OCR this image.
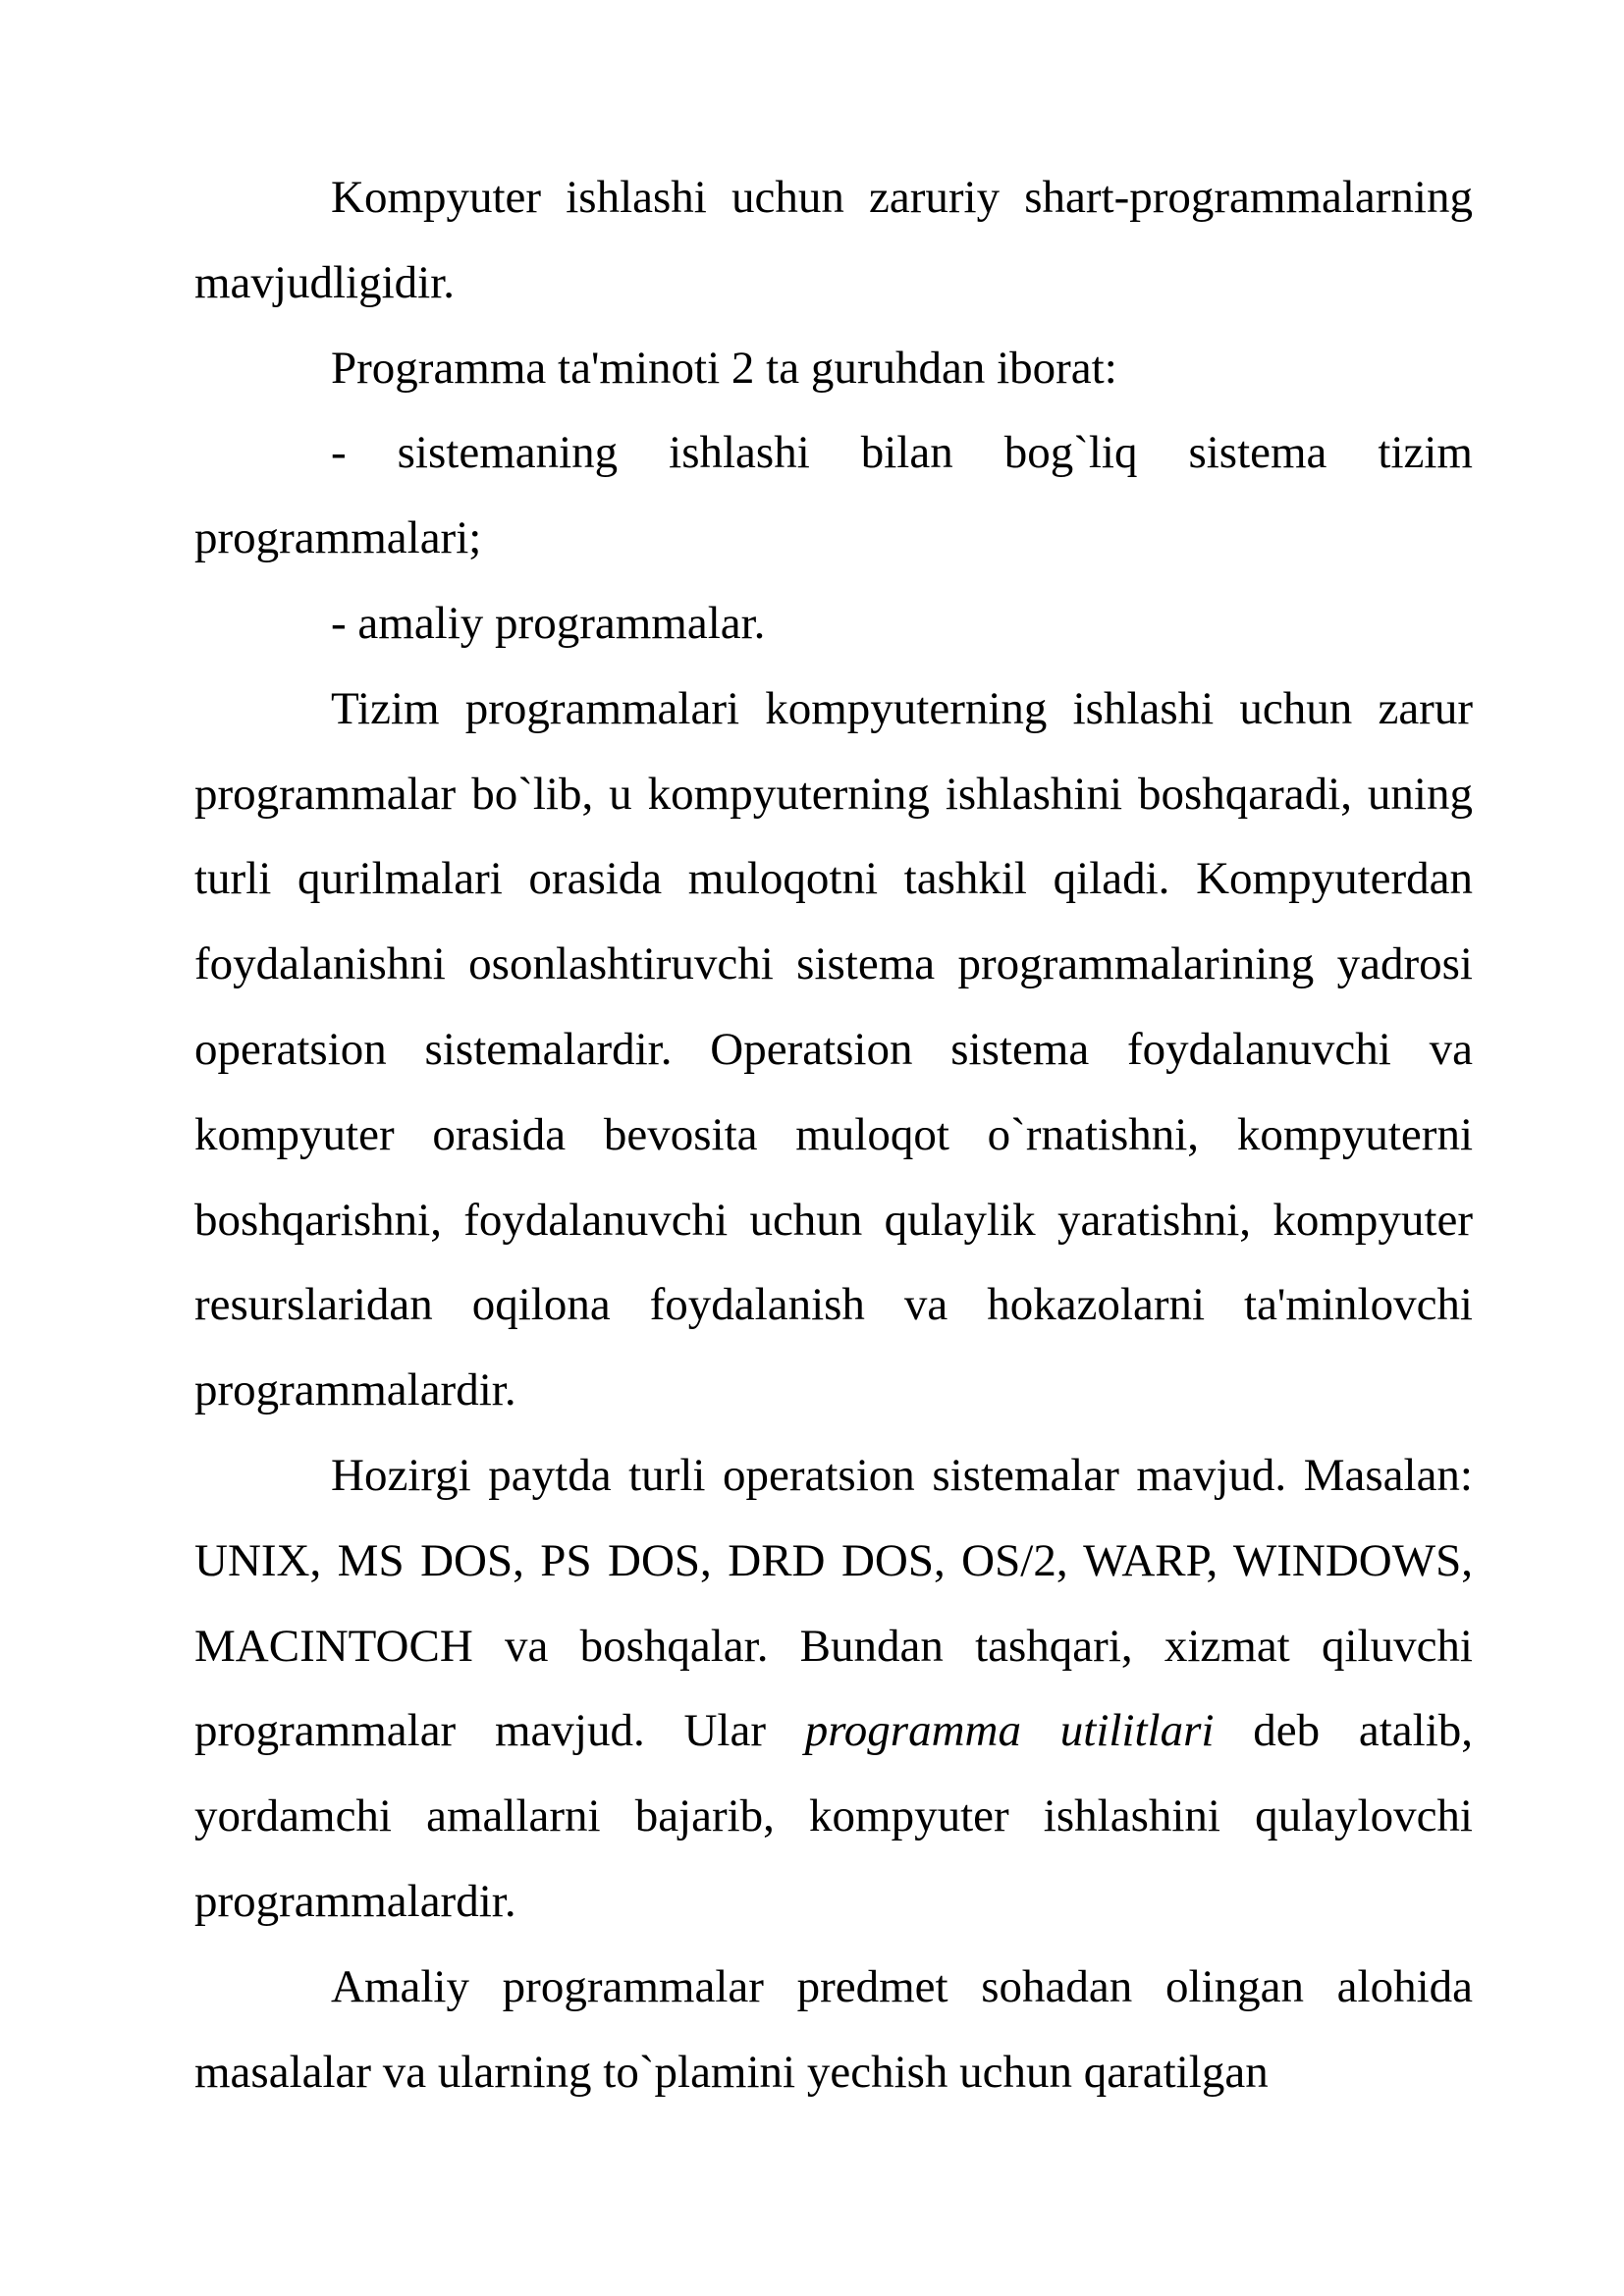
Kompyuter ishlashi uchun zaruriy shart-programmalarning mavjudligidir.

Programma ta'minoti 2 ta guruhdan iborat:

- sistemaning ishlashi bilan bog`liq sistema tizim programmalari;

- amaliy programmalar.

Tizim programmalari kompyuterning ishlashi uchun zarur programmalar bo`lib, u kompyuterning ishlashini boshqaradi, uning turli qurilmalari orasida muloqotni tashkil qiladi. Kompyuterdan foydalanishni osonlashtiruvchi sistema programmalarining yadrosi operatsion sistemalardir. Operatsion sistema foydalanuvchi va kompyuter orasida bevosita muloqot o`rnatishni, kompyuterni boshqarishni, foydalanuvchi uchun qulaylik yaratishni, kompyuter resurslaridan oqilona foydalanish va hokazolarni ta'minlovchi programmalardir.

Hozirgi paytda turli operatsion sistemalar mavjud. Masalan: UNIX, MS DOS, PS DOS, DRD DOS, OS/2, WARP, WINDOWS, MACINTOCH va boshqalar. Bundan tashqari, xizmat qiluvchi programmalar mavjud. Ular programma utilitlari deb atalib, yordamchi amallarni bajarib, kompyuter ishlashini qulaylovchi programmalardir.

Amaliy programmalar predmet sohadan olingan alohida masalalar va ularning to`plamini yechish uchun qaratilgan
